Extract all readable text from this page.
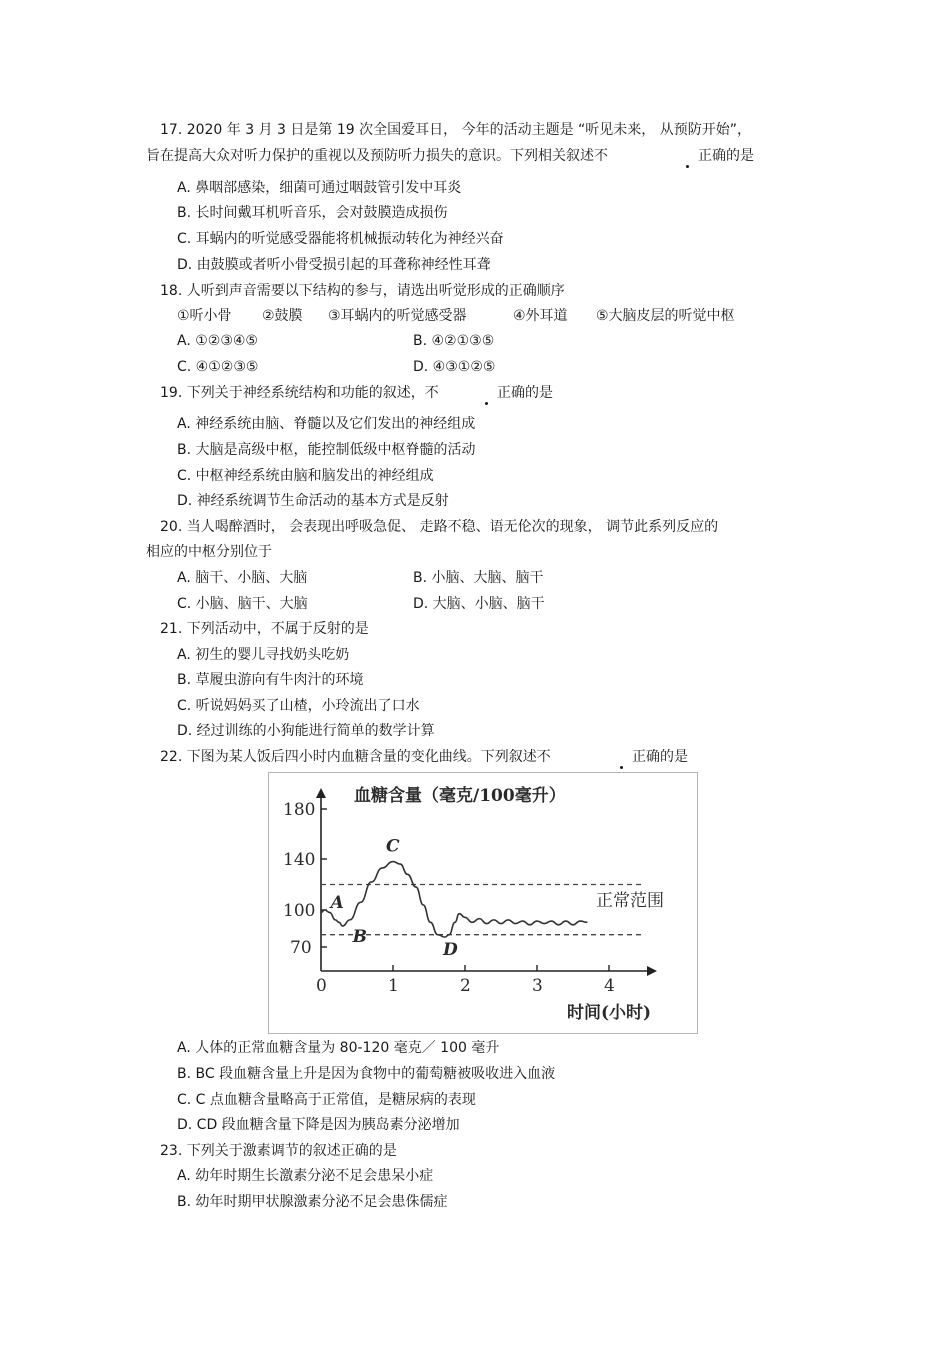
17. 2020 年 3 月 3 日是第 19 次全国爱耳日， 今年的活动主题是 “听见未来， 从预防开始”，
旨在提高大众对听力保护的重视以及预防听力损失的意识。下列相关叙述不	正确的是
A. 鼻咽部感染，细菌可通过咽鼓管引发中耳炎
B. 长时间戴耳机听音乐，会对鼓膜造成损伤
C. 耳蜗内的听觉感受器能将机械振动转化为神经兴奋
D. 由鼓膜或者听小骨受损引起的耳聋称神经性耳聋
18. 人听到声音需要以下结构的参与，请选出听觉形成的正确顺序
①听小骨 ②鼓膜 ③耳蜗内的听觉感受器	④外耳道 ⑤大脑皮层的听觉中枢
A. ①②③④⑤	B. ④②①③⑤
C. ④①②③⑤	D. ④③①②⑤
19. 下列关于神经系统结构和功能的叙述，不	正确的是
A. 神经系统由脑、脊髓以及它们发出的神经组成
B. 大脑是高级中枢，能控制低级中枢脊髓的活动
C. 中枢神经系统由脑和脑发出的神经组成
D. 神经系统调节生命活动的基本方式是反射
20. 当人喝醉酒时， 会表现出呼吸急促、 走路不稳、语无伦次的现象， 调节此系列反应的
相应的中枢分别位于
A. 脑干、小脑、大脑	B. 小脑、大脑、脑干
C. 小脑、脑干、大脑	D. 大脑、小脑、脑干
21. 下列活动中，不属于反射的是
A. 初生的婴儿寻找奶头吃奶
B. 草履虫游向有牛肉汁的环境
C. 听说妈妈买了山楂，小玲流出了口水
D. 经过训练的小狗能进行简单的数学计算
22. 下图为某人饭后四小时内血糖含量的变化曲线。下列叙述不	正确的是
血糖含量（毫克/100毫升）
0	1	2	3	4
70
100
140
180
A
B
C
D
正常范围
时间(小时)
A. 人体的正常血糖含量为 80-120 毫克／ 100 毫升
B. BC 段血糖含量上升是因为食物中的葡萄糖被吸收进入血液
C. C 点血糖含量略高于正常值，是糖尿病的表现
D. CD 段血糖含量下降是因为胰岛素分泌增加
23. 下列关于激素调节的叙述正确的是
A. 幼年时期生长激素分泌不足会患呆小症
B. 幼年时期甲状腺激素分泌不足会患侏儒症
